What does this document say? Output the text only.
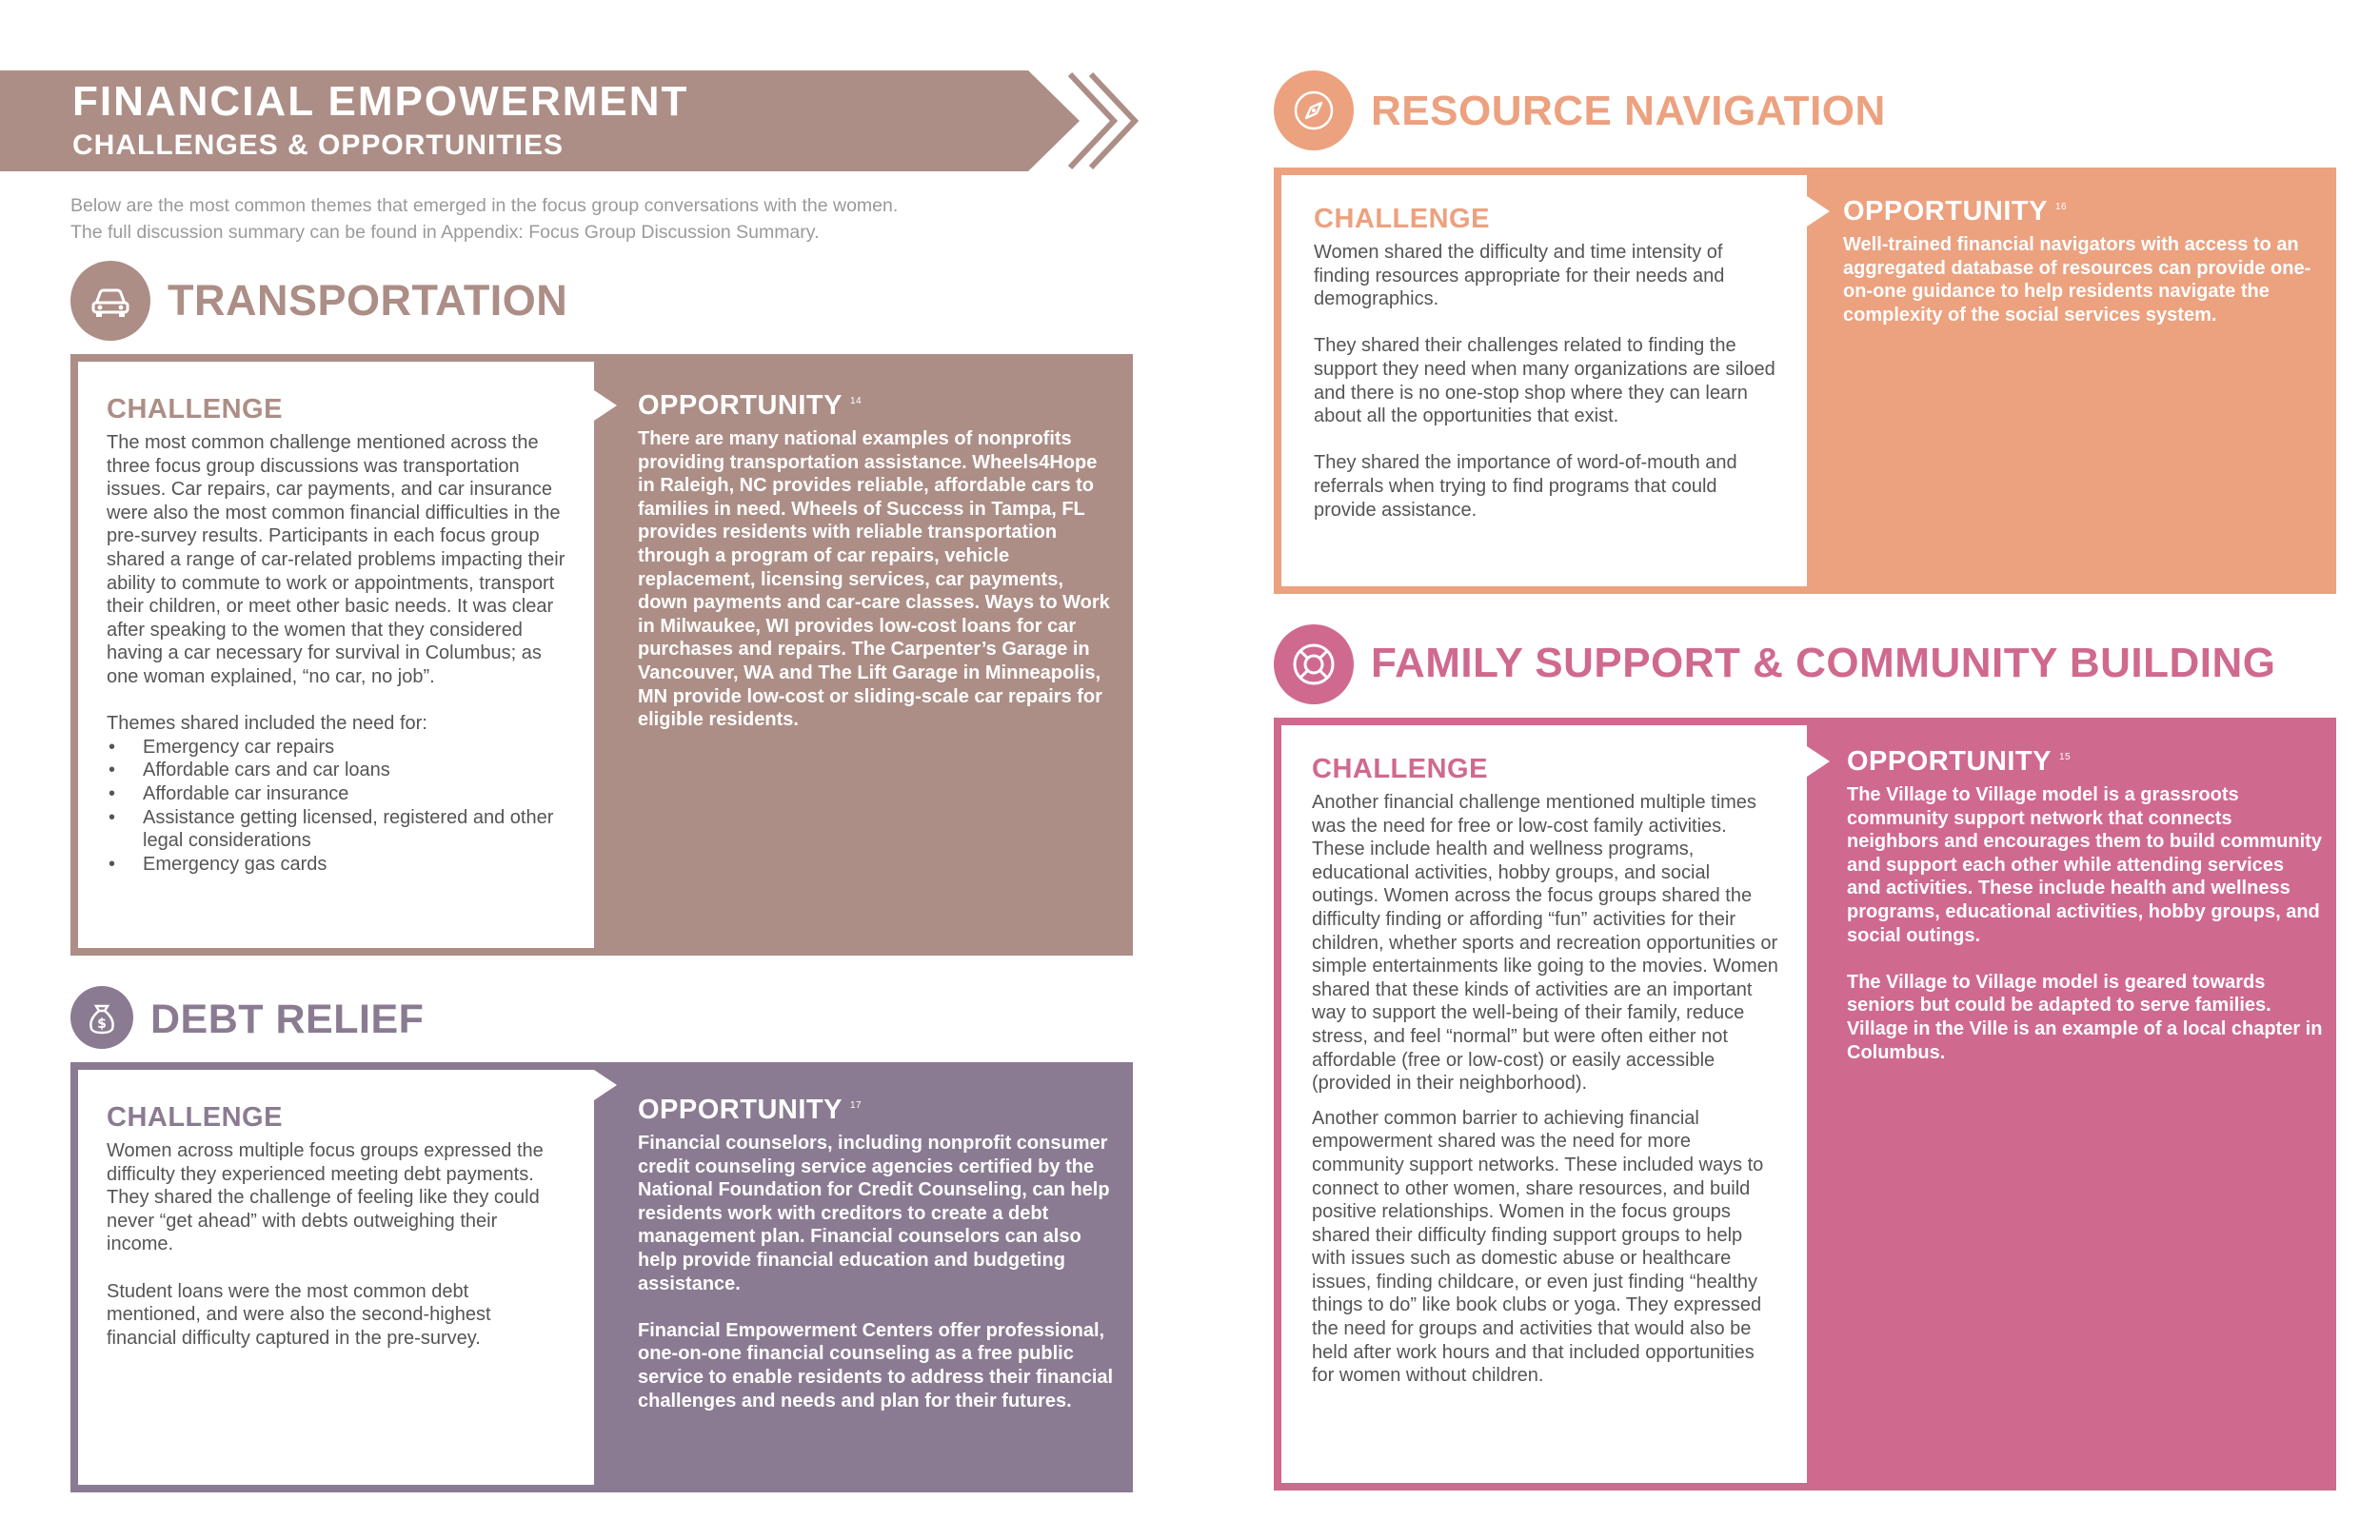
FINANCIAL EMPOWERMENT
CHALLENGES & OPPORTUNITIES
Below are the most common themes that emerged in the focus group conversations with the women.
The full discussion summary can be found in Appendix: Focus Group Discussion Summary.
TRANSPORTATION
CHALLENGE

The most common challenge mentioned across the three focus group discussions was transportation issues. Car repairs, car payments, and car insurance were also the most common financial difficulties in the pre-survey results. Participants in each focus group shared a range of car-related problems impacting their ability to commute to work or appointments, transport their children, or meet other basic needs. It was clear after speaking to the women that they considered having a car necessary for survival in Columbus; as one woman explained, “no car, no job”.

Themes shared included the need for:

• Emergency car repairs
• Affordable cars and car loans
• Affordable car insurance
• Assistance getting licensed, registered and other legal considerations
• Emergency gas cards
OPPORTUNITY $^{14}$

There are many national examples of nonprofits providing transportation assistance. Wheels4Hope in Raleigh, NC provides reliable, affordable cars to families in need. Wheels of Success in Tampa, FL provides residents with reliable transportation through a program of car repairs, vehicle replacement, licensing services, car payments, down payments and car-care classes. Ways to Work in Milwaukee, WI provides low-cost loans for car purchases and repairs. The Carpenter’s Garage in Vancouver, WA and The Lift Garage in Minneapolis, MN provide low-cost or sliding-scale car repairs for eligible residents.

$ DEBT RELIEF
CHALLENGE

Women across multiple focus groups expressed the difficulty they experienced meeting debt payments. They shared the challenge of feeling like they could never “get ahead” with debts outweighing their income.

Student loans were the most common debt mentioned, and were also the second-highest financial difficulty captured in the pre-survey.

OPPORTUNITY $^{17}$

Financial counselors, including nonprofit consumer credit counseling service agencies certified by the National Foundation for Credit Counseling, can help residents work with creditors to create a debt management plan. Financial counselors can also help provide financial education and budgeting assistance.

Financial Empowerment Centers offer professional, one-on-one financial counseling as a free public service to enable residents to address their financial challenges and needs and plan for their futures.

RESOURCE NAVIGATION
CHALLENGE

Women shared the difficulty and time intensity of finding resources appropriate for their needs and demographics.

They shared their challenges related to finding the support they need when many organizations are siloed and there is no one-stop shop where they can learn about all the opportunities that exist.

They shared the importance of word-of-mouth and referrals when trying to find programs that could provide assistance.

OPPORTUNITY $^{16}$

Well-trained financial navigators with access to an aggregated database of resources can provide one-on-one guidance to help residents navigate the complexity of the social services system.

FAMILY SUPPORT & COMMUNITY BUILDING
CHALLENGE

Another financial challenge mentioned multiple times was the need for free or low-cost family activities. These include health and wellness programs, educational activities, hobby groups, and social outings. Women across the focus groups shared the difficulty finding or affording “fun” activities for their children, whether sports and recreation opportunities or simple entertainments like going to the movies. Women shared that these kinds of activities are an important way to support the well-being of their family, reduce stress, and feel “normal” but were often either not affordable (free or low-cost) or easily accessible (provided in their neighborhood).

Another common barrier to achieving financial empowerment shared was the need for more community support networks. These included ways to connect to other women, share resources, and build positive relationships. Women in the focus groups shared their difficulty finding support groups to help with issues such as domestic abuse or healthcare issues, finding childcare, or even just finding “healthy things to do” like book clubs or yoga. They expressed the need for groups and activities that would also be held after work hours and that included opportunities for women without children.

OPPORTUNITY $^{15}$

The Village to Village model is a grassroots community support network that connects neighbors and encourages them to build community and support each other while attending services and activities. These include health and wellness programs, educational activities, hobby groups, and social outings.

The Village to Village model is geared towards seniors but could be adapted to serve families. Village in the Ville is an example of a local chapter in Columbus.
